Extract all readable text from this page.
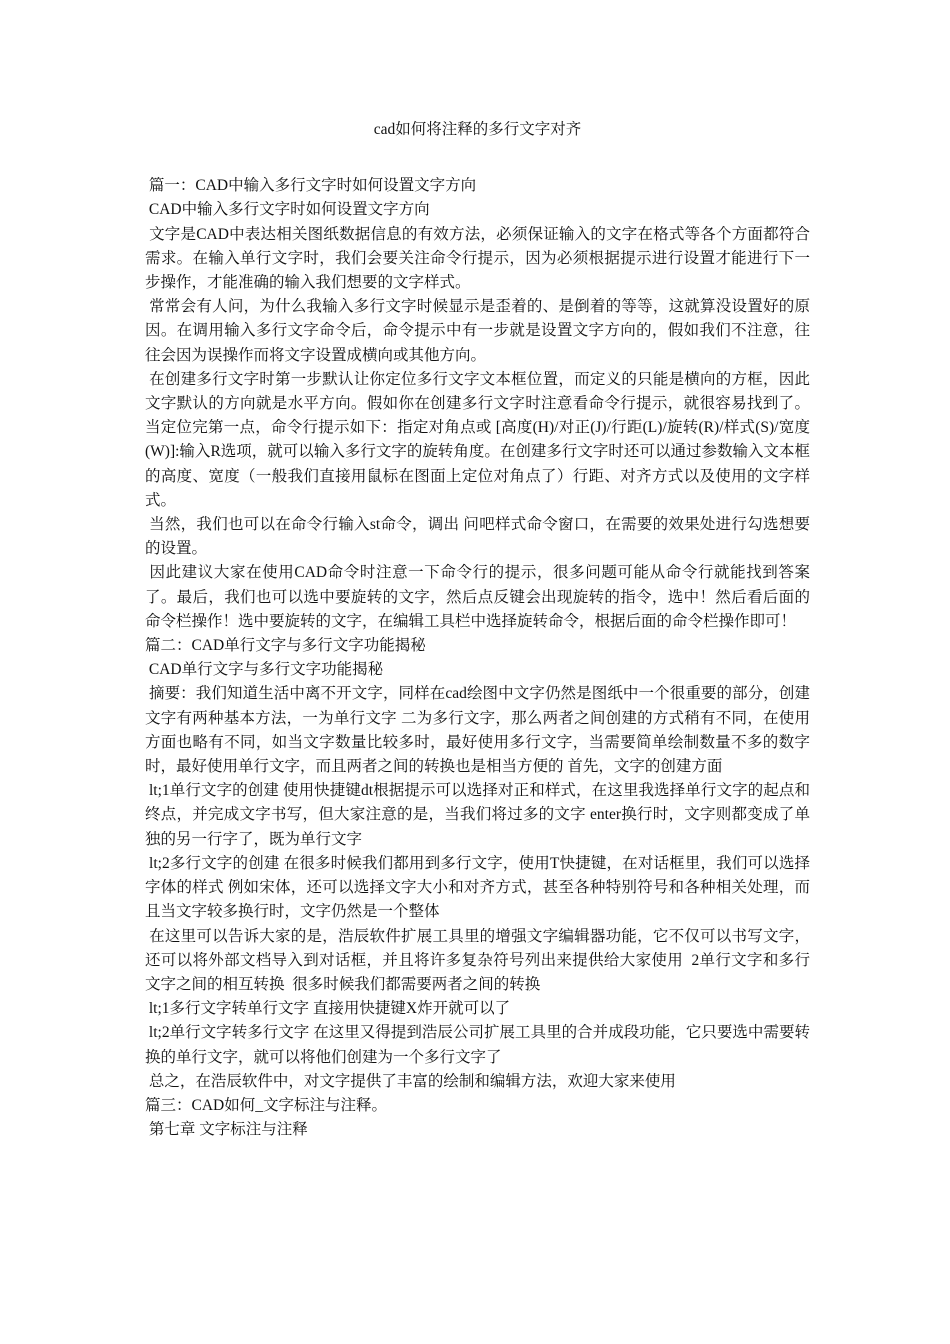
cad如何将注释的多行文字对齐

篇一：CAD中输入多行文字时如何设置文字方向

CAD中输入多行文字时如何设置文字方向

文字是CAD中表达相关图纸数据信息的有效方法，必须保证输入的文字在格式等各个方面都符合需求。在输入单行文字时，我们会要关注命令行提示，因为必须根据提示进行设置才能进行下一步操作，才能准确的输入我们想要的文字样式。

常常会有人问，为什么我输入多行文字时候显示是歪着的、是倒着的等等，这就算没设置好的原因。在调用输入多行文字命令后，命令提示中有一步就是设置文字方向的，假如我们不注意，往往会因为误操作而将文字设置成横向或其他方向。

在创建多行文字时第一步默认让你定位多行文字文本框位置，而定义的只能是横向的方框，因此文字默认的方向就是水平方向。假如你在创建多行文字时注意看命令行提示，就很容易找到了。当定位完第一点，命令行提示如下：指定对角点或 [高度(H)/对正(J)/行距(L)/旋转(R)/样式(S)/宽度(W)]:输入R选项，就可以输入多行文字的旋转角度。在创建多行文字时还可以通过参数输入文本框的高度、宽度（一般我们直接用鼠标在图面上定位对角点了）行距、对齐方式以及使用的文字样式。

当然，我们也可以在命令行输入st命令，调出 问吧样式命令窗口，在需要的效果处进行勾选想要的设置。

因此建议大家在使用CAD命令时注意一下命令行的提示，很多问题可能从命令行就能找到答案了。最后，我们也可以选中要旋转的文字，然后点反键会出现旋转的指令，选中！然后看后面的命令栏操作！选中要旋转的文字，在编辑工具栏中选择旋转命令，根据后面的命令栏操作即可！

篇二：CAD单行文字与多行文字功能揭秘

CAD单行文字与多行文字功能揭秘

摘要：我们知道生活中离不开文字，同样在cad绘图中文字仍然是图纸中一个很重要的部分，创建文字有两种基本方法，一为单行文字 二为多行文字，那么两者之间创建的方式稍有不同，在使用方面也略有不同，如当文字数量比较多时，最好使用多行文字，当需要简单绘制数量不多的数字时，最好使用单行文字，而且两者之间的转换也是相当方便的 首先，文字的创建方面

lt;1单行文字的创建 使用快捷键dt根据提示可以选择对正和样式，在这里我选择单行文字的起点和终点，并完成文字书写，但大家注意的是，当我们将过多的文字 enter换行时，文字则都变成了单独的另一行字了，既为单行文字

lt;2多行文字的创建 在很多时候我们都用到多行文字，使用T快捷键，在对话框里，我们可以选择字体的样式 例如宋体，还可以选择文字大小和对齐方式，甚至各种特别符号和各种相关处理，而且当文字较多换行时，文字仍然是一个整体

在这里可以告诉大家的是，浩辰软件扩展工具里的增强文字编辑器功能，它不仅可以书写文字，还可以将外部文档导入到对话框，并且将许多复杂符号列出来提供给大家使用  2单行文字和多行文字之间的相互转换  很多时候我们都需要两者之间的转换

lt;1多行文字转单行文字 直接用快捷键X炸开就可以了

lt;2单行文字转多行文字 在这里又得提到浩辰公司扩展工具里的合并成段功能，它只要选中需要转换的单行文字，就可以将他们创建为一个多行文字了

总之，在浩辰软件中，对文字提供了丰富的绘制和编辑方法，欢迎大家来使用

篇三：CAD如何_文字标注与注释。

第七章 文字标注与注释
